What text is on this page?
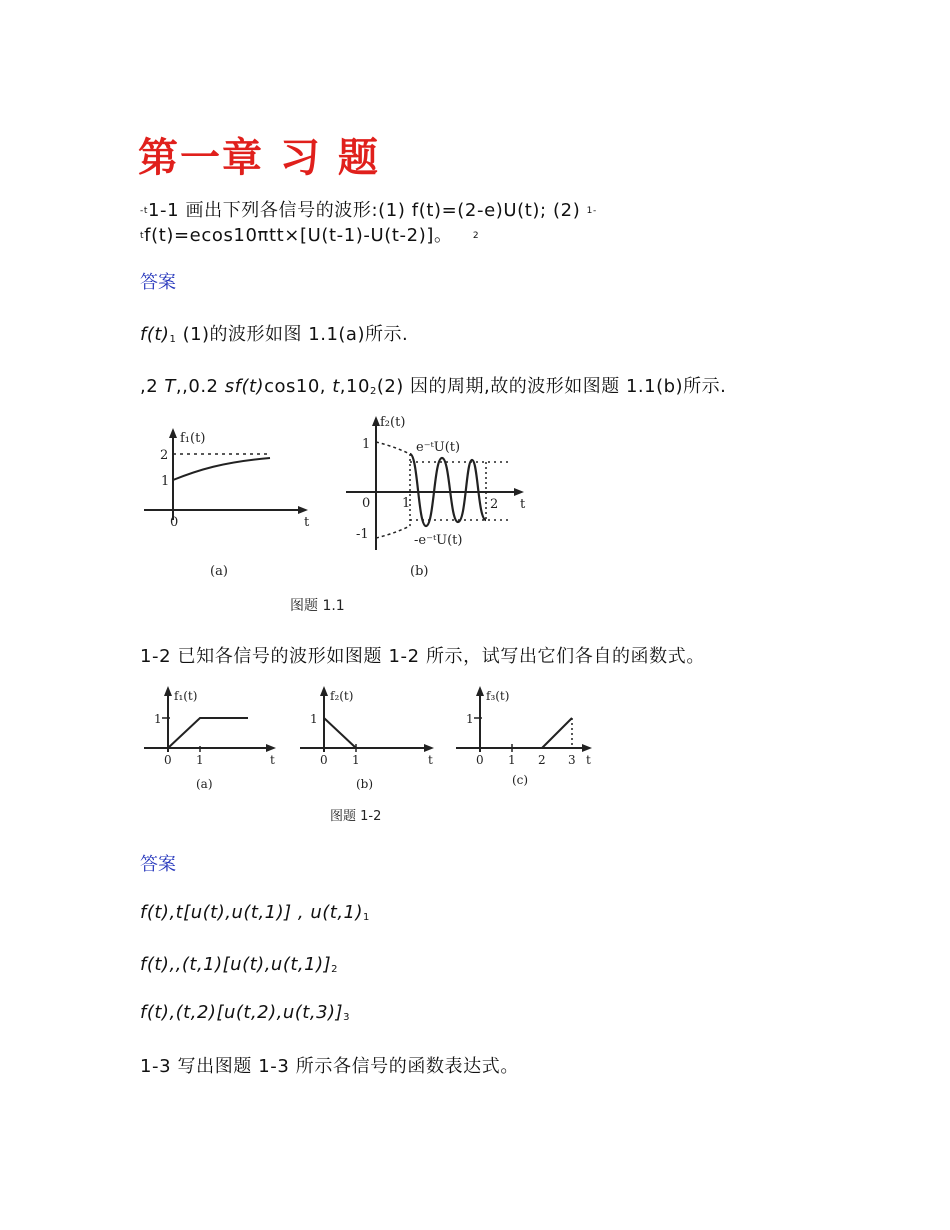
第一章 习 题
-t1-1 画出下列各信号的波形:(1) f(t)=(2-e)U(t); (2) 1-
tf(t)=ecos10πtt×[U(t-1)-U(t-2)]。 2
答案
$f(t)_1$ (1)的波形如图 1.1(a)所示.
,2 T,,0.2 sf(t)cos10, $t,10_2(2)$ 因的周期,故的波形如图题 1.1(b)所示.
f₁(t)
2
1
0	t
(a)
f₂(t)
1
-1
0 1	2 t
e⁻ᵗU(t)
-e⁻ᵗU(t)
(b)
图题 1.1
1-2 已知各信号的波形如图题 1-2 所示，试写出它们各自的函数式。
f₁(t)
1
0 1	t
(a)
f₂(t)
1
0 1	t
(b)
f₃(t)
1
0 1 2 3 t
(c)
图题 1-2
答案
f(t),t[u(t),u(t,1)] , $u(t,1)_1$
$f(t),,(t,1)[u(t),u(t,1)]_2$
$f(t),(t,2)[u(t,2),u(t,3)]_3$
1-3 写出图题 1-3 所示各信号的函数表达式。
